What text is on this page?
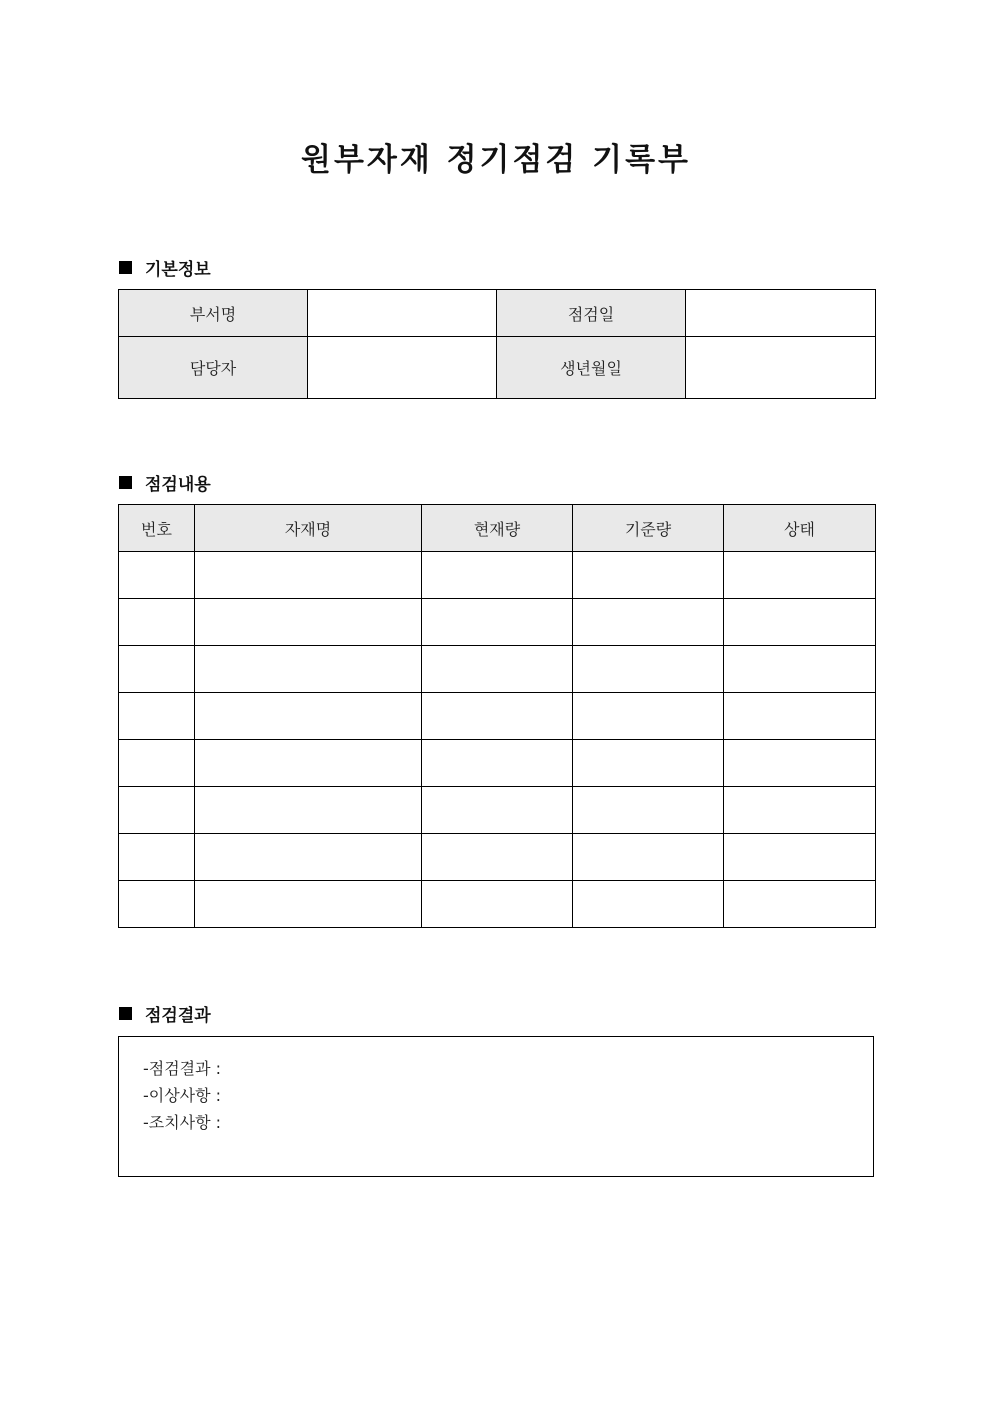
원부자재 정기점검 기록부
기본정보
부서명		점검일	
담당자		생년월일	
점검내용
번호	자재명	현재량	기준량	상태

점검결과
-점검결과 :
-이상사항 :
-조치사항 :
